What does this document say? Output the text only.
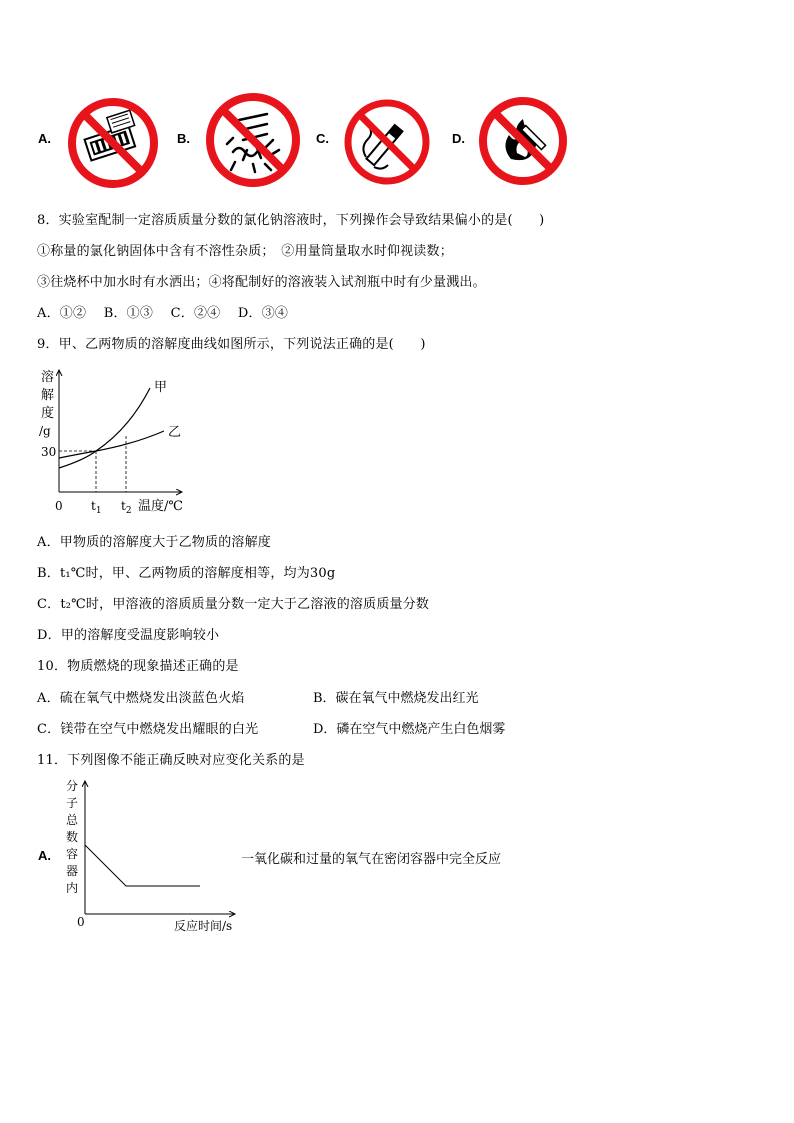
A.	B.	C.	D.
8．实验室配制一定溶质质量分数的氯化钠溶液时，下列操作会导致结果偏小的是(　　)
①称量的氯化钠固体中含有不溶性杂质；　②用量筒量取水时仰视读数；
③往烧杯中加水时有水洒出；④将配制好的溶液装入试剂瓶中时有少量溅出。
A．①②　 B．①③　 C．②④　 D．③④
9．甲、乙两物质的溶解度曲线如图所示，下列说法正确的是(　　)
溶
解
度
/g
30
0 $t_1$ $t_2$ 温度/℃
甲
乙
A．甲物质的溶解度大于乙物质的溶解度
B．t₁℃时，甲、乙两物质的溶解度相等，均为30g
C．t₂℃时，甲溶液的溶质质量分数一定大于乙溶液的溶质质量分数
D．甲的溶解度受温度影响较小
10．物质燃烧的现象描述正确的是
A．硫在氧气中燃烧发出淡蓝色火焰	B．碳在氧气中燃烧发出红光
C．镁带在空气中燃烧发出耀眼的白光	D．磷在空气中燃烧产生白色烟雾
11．下列图像不能正确反映对应变化关系的是
A.
分
子
总
数
容
器
内
0	反应时间/s
一氧化碳和过量的氧气在密闭容器中完全反应
